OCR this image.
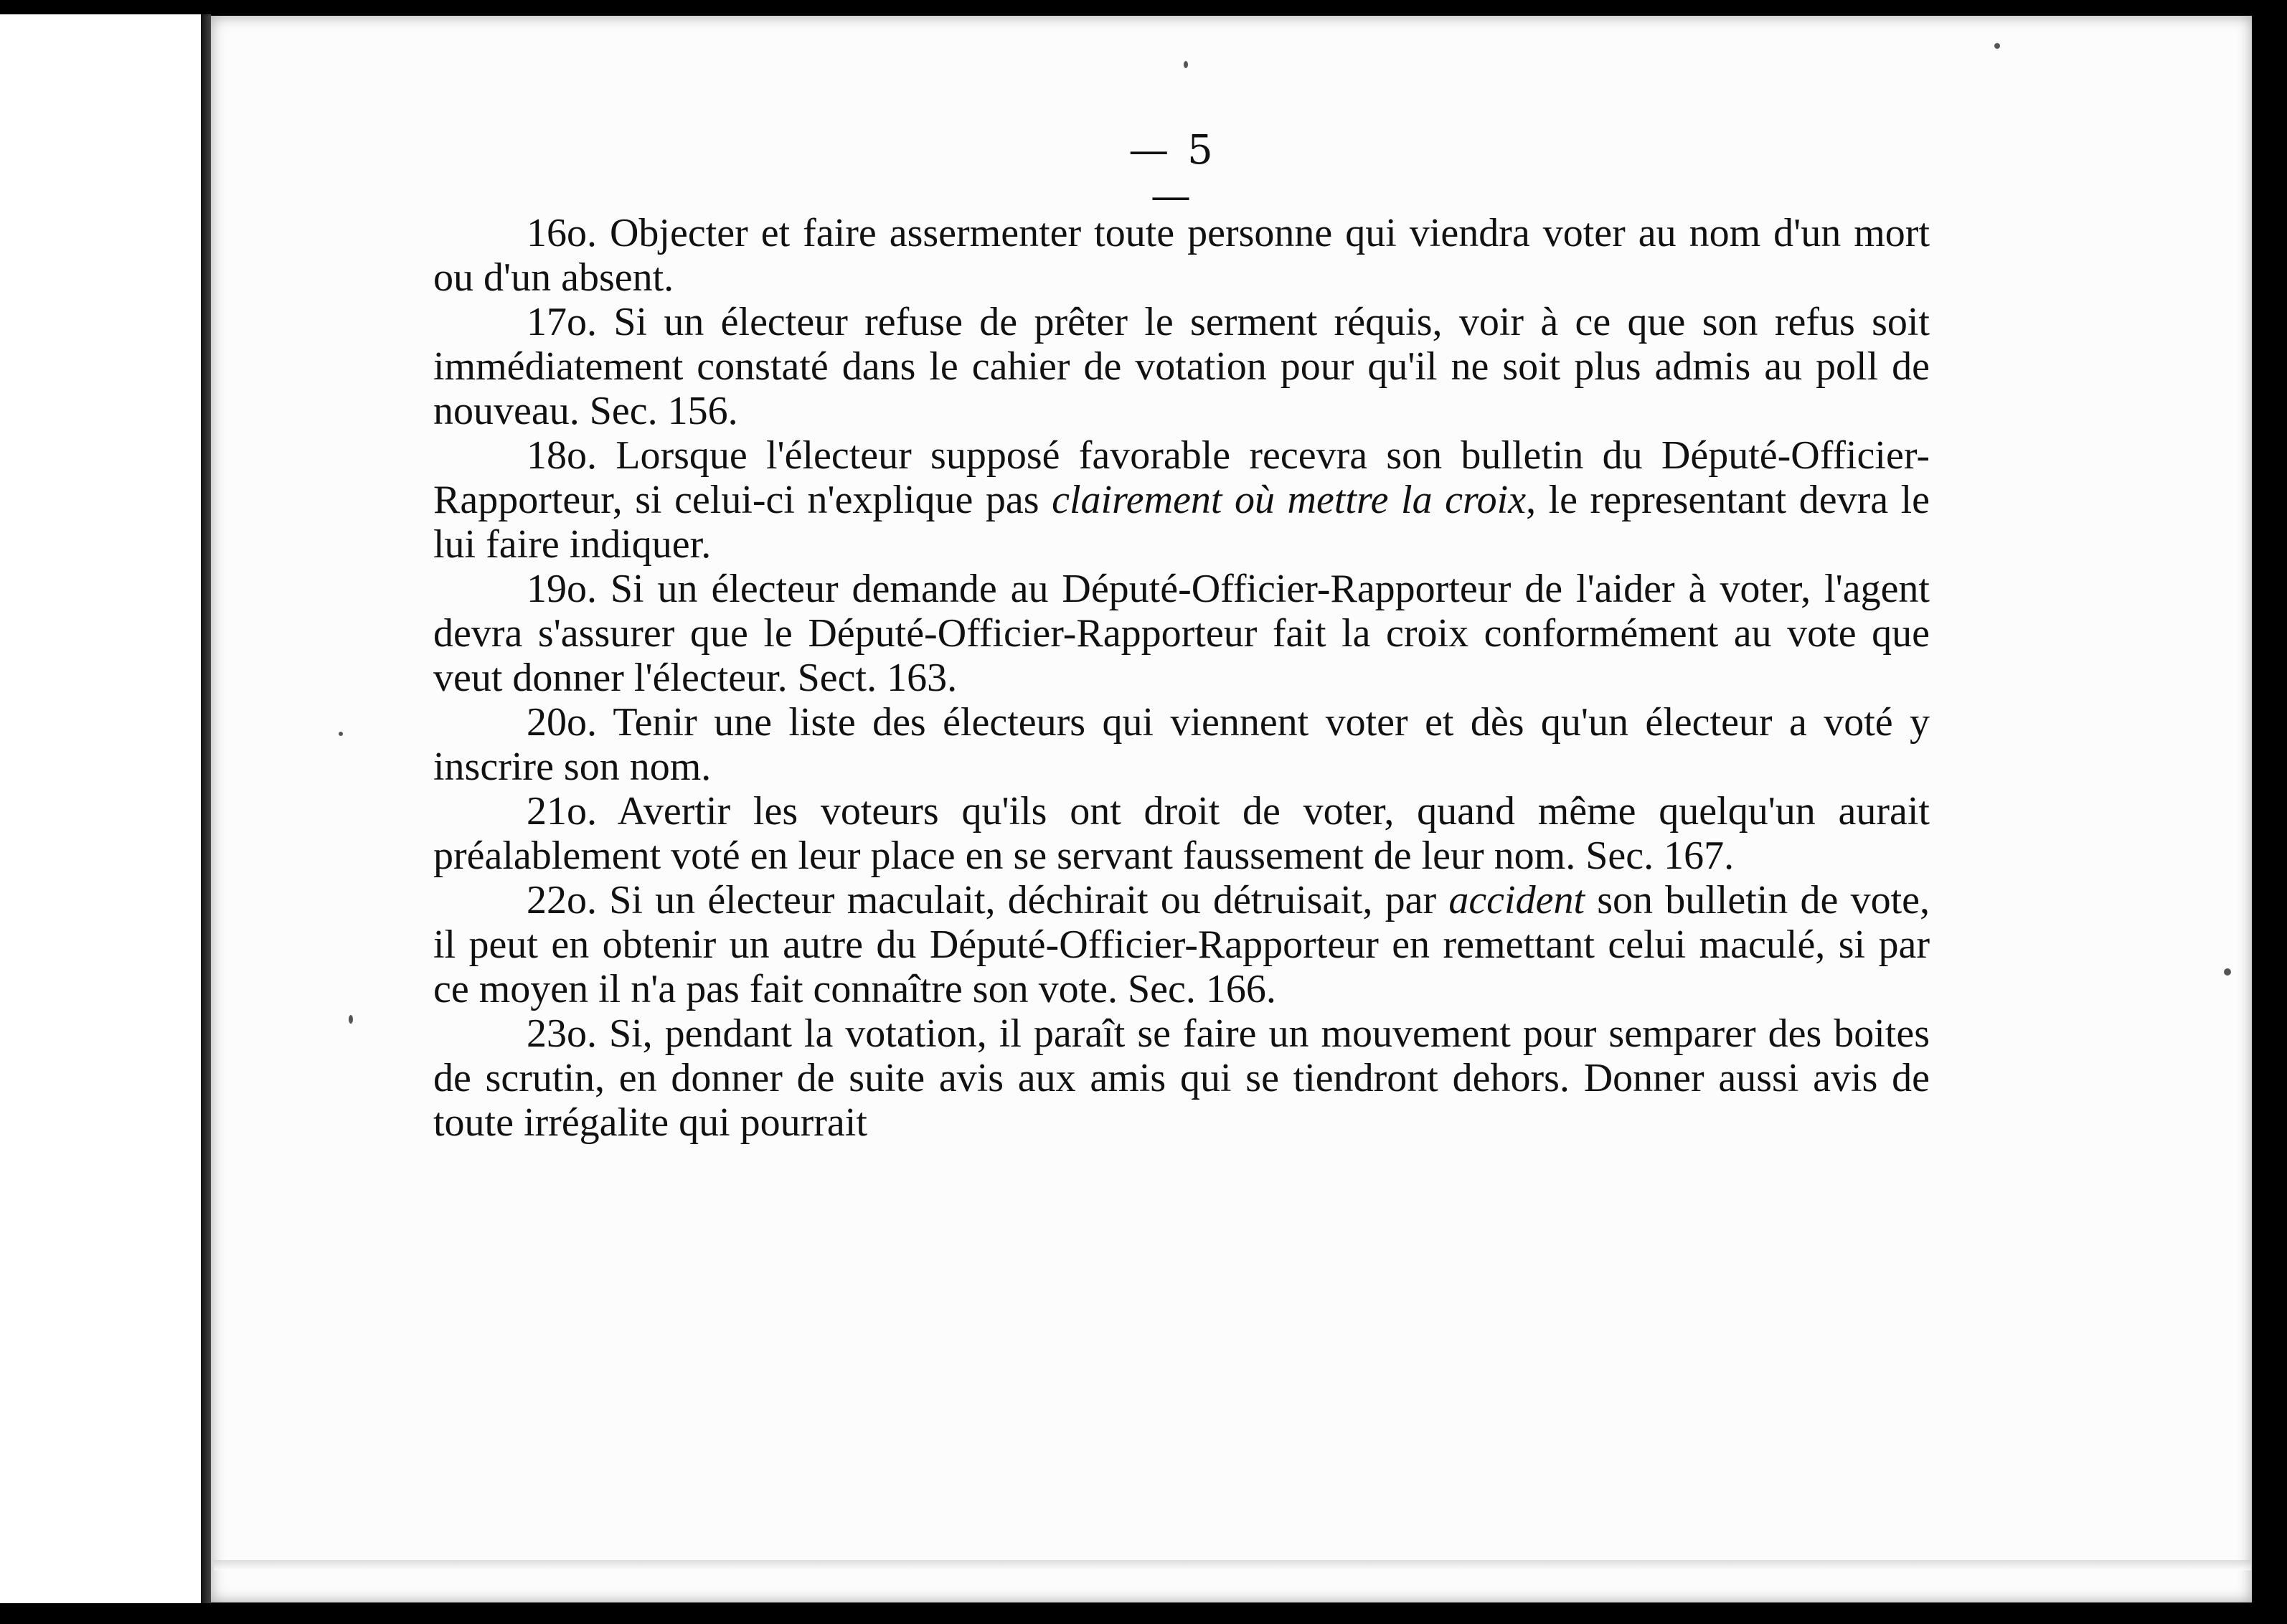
— 5 —

16o. Objecter et faire assermenter toute personne qui viendra voter au nom d'un mort ou d'un absent.

17o. Si un électeur refuse de prêter le serment réquis, voir à ce que son refus soit immédiatement constaté dans le cahier de votation pour qu'il ne soit plus admis au poll de nouveau. Sec. 156.

18o. Lorsque l'électeur supposé favorable recevra son bulletin du Député-Officier-Rapporteur, si celui-ci n'explique pas clairement où mettre la croix, le representant devra le lui faire indiquer.

19o. Si un électeur demande au Député-Officier-Rapporteur de l'aider à voter, l'agent devra s'assurer que le Député-Officier-Rapporteur fait la croix conformément au vote que veut donner l'électeur. Sect. 163.

20o. Tenir une liste des électeurs qui viennent voter et dès qu'un électeur a voté y inscrire son nom.

21o. Avertir les voteurs qu'ils ont droit de voter, quand même quelqu'un aurait préalablement voté en leur place en se servant faussement de leur nom. Sec. 167.

22o. Si un électeur maculait, déchirait ou détruisait, par accident son bulletin de vote, il peut en obtenir un autre du Député-Officier-Rapporteur en remettant celui maculé, si par ce moyen il n'a pas fait connaître son vote. Sec. 166.

23o. Si, pendant la votation, il paraît se faire un mouvement pour semparer des boites de scrutin, en donner de suite avis aux amis qui se tiendront dehors. Donner aussi avis de toute irrégalite qui pourrait
